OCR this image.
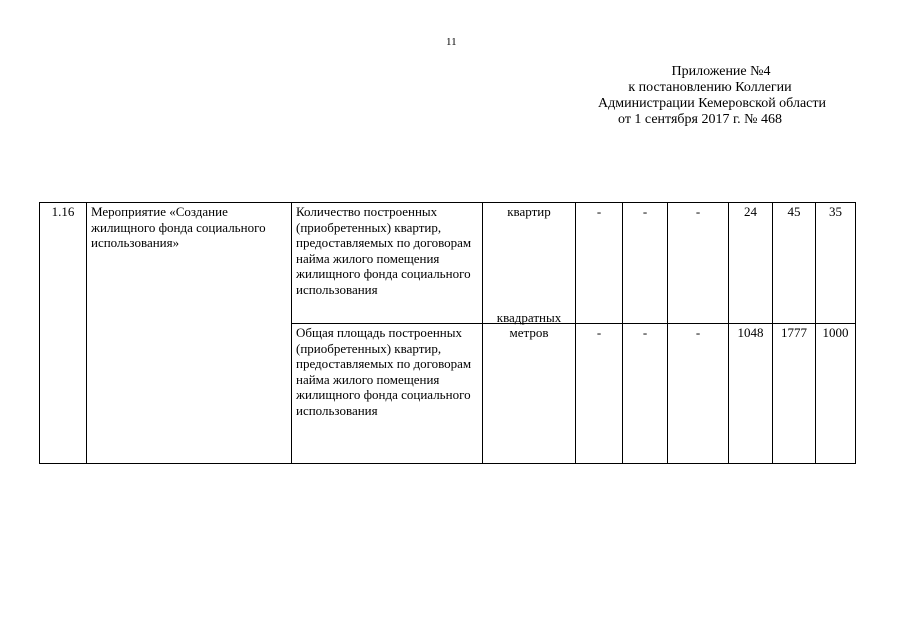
11
Приложение №4
к постановлению Коллегии
Администрации Кемеровской области
от 1 сентября 2017 г. № 468
1.16	Мероприятие «Создание жилищного фонда социального использования»	Количество построенных (приобретенных) квартир, предоставляемых по договорам найма жилого помещения жилищного фонда социального использования	квартир	-	-	-	24	45	35
		Общая площадь построенных (приобретенных) квартир, предоставляемых по договорам найма жилого помещения жилищного фонда социального использования	квадратных метров	-	-	-	1048	1777	1000
